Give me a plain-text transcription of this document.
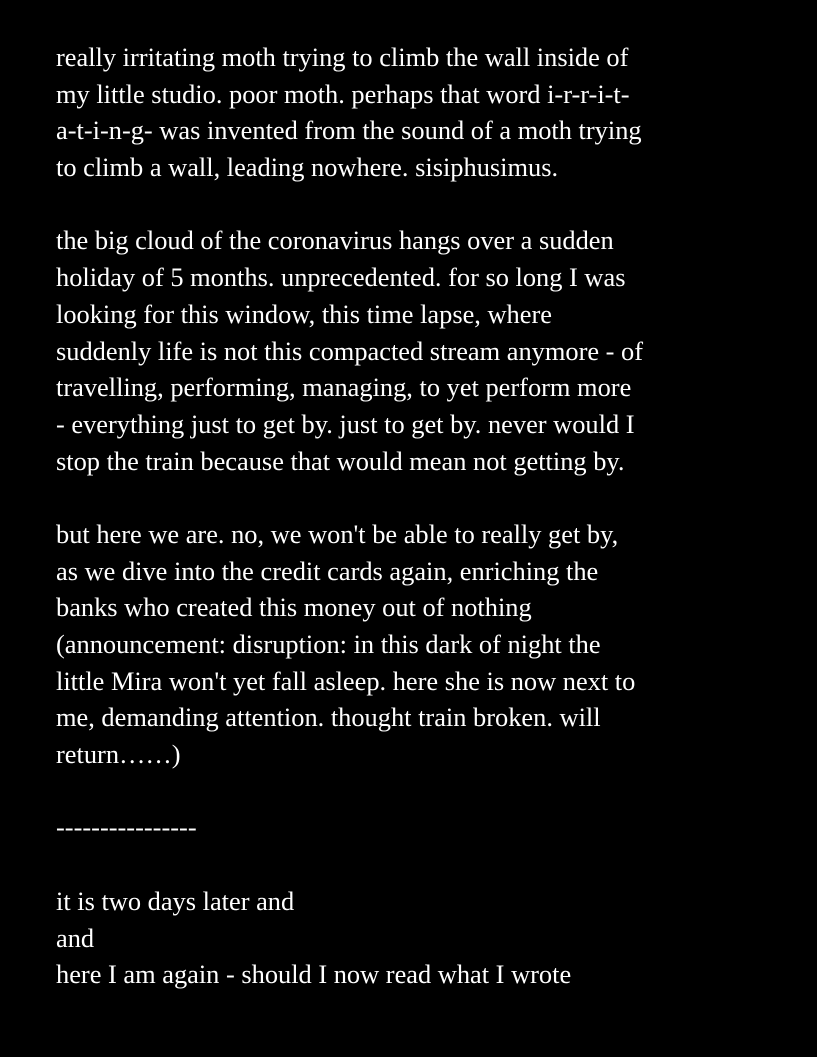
really irritating moth trying to climb the wall inside of
my little studio. poor moth. perhaps that word i-r-r-i-t-
a-t-i-n-g- was invented from the sound of a moth trying
to climb a wall, leading nowhere. sisiphusimus.
the big cloud of the coronavirus hangs over a sudden
holiday of 5 months. unprecedented. for so long I was
looking for this window, this time lapse, where
suddenly life is not this compacted stream anymore - of
travelling, performing, managing, to yet perform more
- everything just to get by. just to get by. never would I
stop the train because that would mean not getting by.
but here we are. no, we won't be able to really get by,
as we dive into the credit cards again, enriching the
banks who created this money out of nothing
(announcement: disruption: in this dark of night the
little Mira won't yet fall asleep. here she is now next to
me, demanding attention. thought train broken. will
return……)
----------------
it is two days later and
and
here I am again - should I now read what I wrote
